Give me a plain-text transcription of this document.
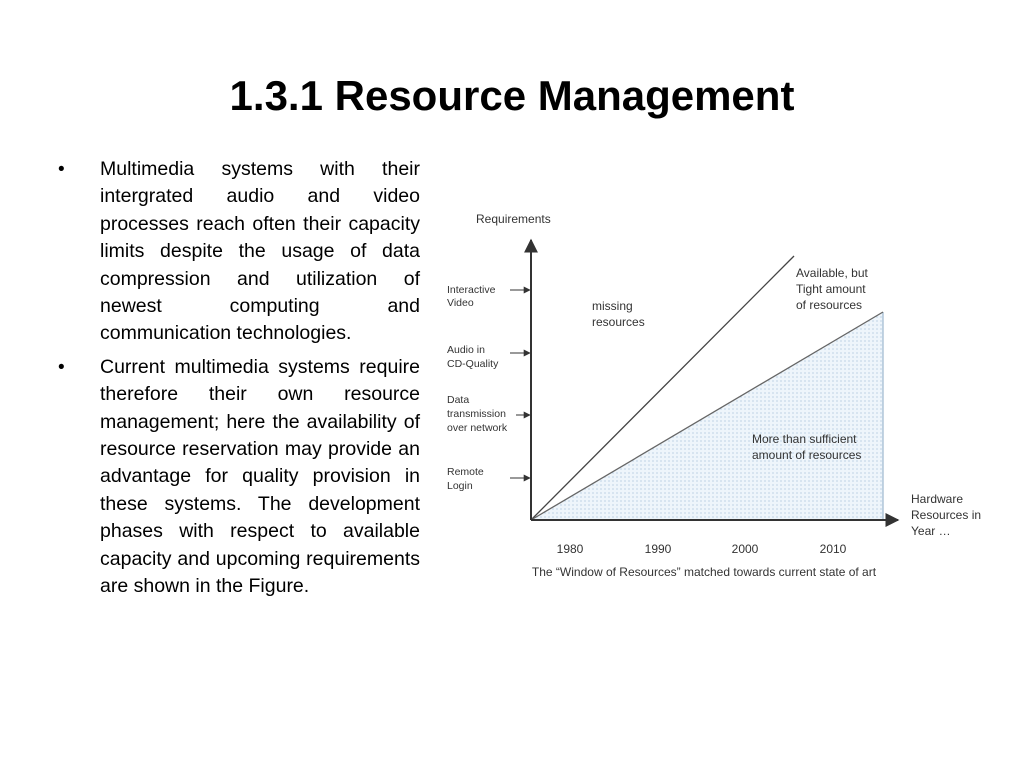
1.3.1 Resource Management
• Multimedia systems with their intergrated audio and video processes reach often their capacity limits despite the usage of data compression and utilization of newest computing and communication technologies.
• Current multimedia systems require therefore their own resource management; here the availability of resource reservation may provide an advantage for quality provision in these systems. The development phases with respect to available capacity and upcoming requirements are shown in the Figure.
Requirements
Interactive Video
Audio in CD-Quality
Data transmission over network
Remote Login
missing resources
Available, but Tight amount of resources
More than sufficient amount of resources
Hardware Resources in Year …
1980	1990	2000	2010
The “Window of Resources” matched towards current state of art
